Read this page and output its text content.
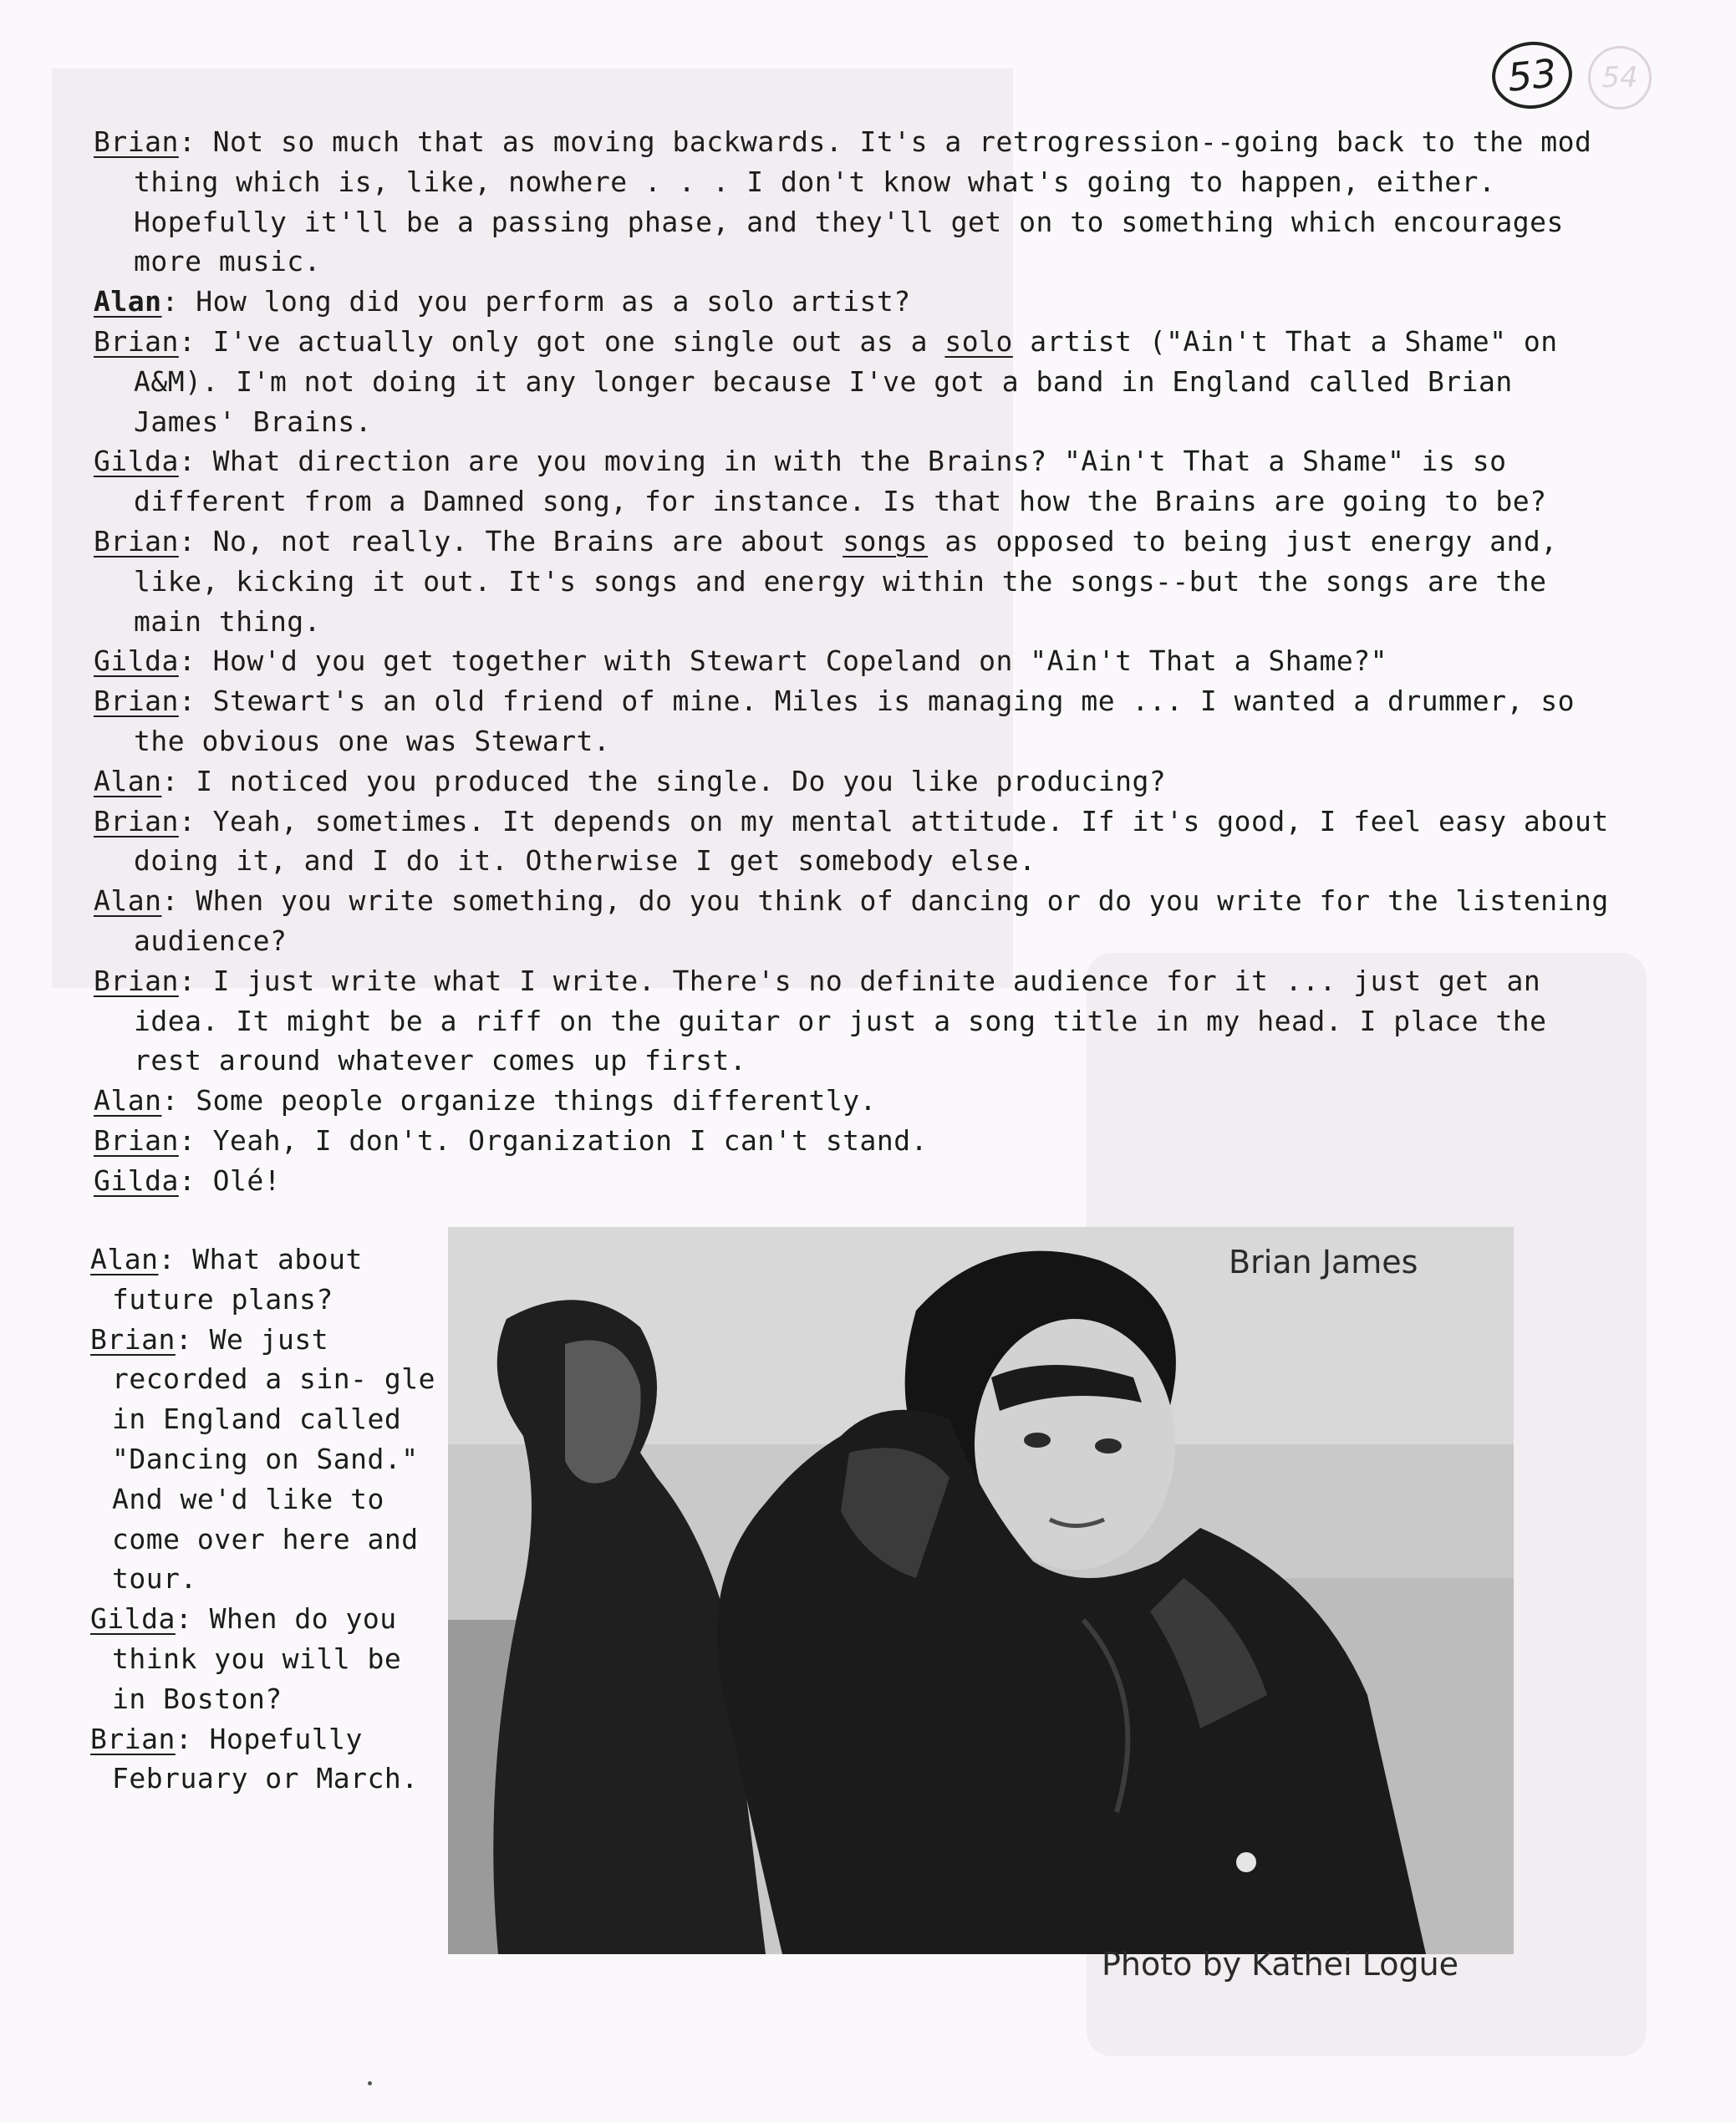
53	54

Brian: Not so much that as moving backwards. It's a retrogression--going back to the mod thing which is, like, nowhere . . . I don't know what's going to happen, either. Hopefully it'll be a passing phase, and they'll get on to something which encourages more music.

Alan: How long did you perform as a solo artist?

Brian: I've actually only got one single out as a solo artist ("Ain't That a Shame" on A&M). I'm not doing it any longer because I've got a band in England called Brian James' Brains.

Gilda: What direction are you moving in with the Brains? "Ain't That a Shame" is so different from a Damned song, for instance. Is that how the Brains are going to be?

Brian: No, not really. The Brains are about songs as opposed to being just energy and, like, kicking it out. It's songs and energy within the songs--but the songs are the main thing.

Gilda: How'd you get together with Stewart Copeland on "Ain't That a Shame?"

Brian: Stewart's an old friend of mine. Miles is managing me ... I wanted a drummer, so the obvious one was Stewart.

Alan: I noticed you produced the single. Do you like producing?

Brian: Yeah, sometimes. It depends on my mental attitude. If it's good, I feel easy about doing it, and I do it. Otherwise I get somebody else.

Alan: When you write something, do you think of dancing or do you write for the listening audience?

Brian: I just write what I write. There's no definite audience for it ... just get an idea. It might be a riff on the guitar or just a song title in my head. I place the rest around whatever comes up first.

Alan: Some people organize things differently.

Brian: Yeah, I don't. Organization I can't stand.

Gilda: Olé!

Alan: What about future plans?

Brian: We just recorded a sin- gle in England called "Dancing on Sand." And we'd like to come over here and tour.

Gilda: When do you think you will be in Boston?

Brian: Hopefully February or March.

Brian James
Photo by Kathei Logue
